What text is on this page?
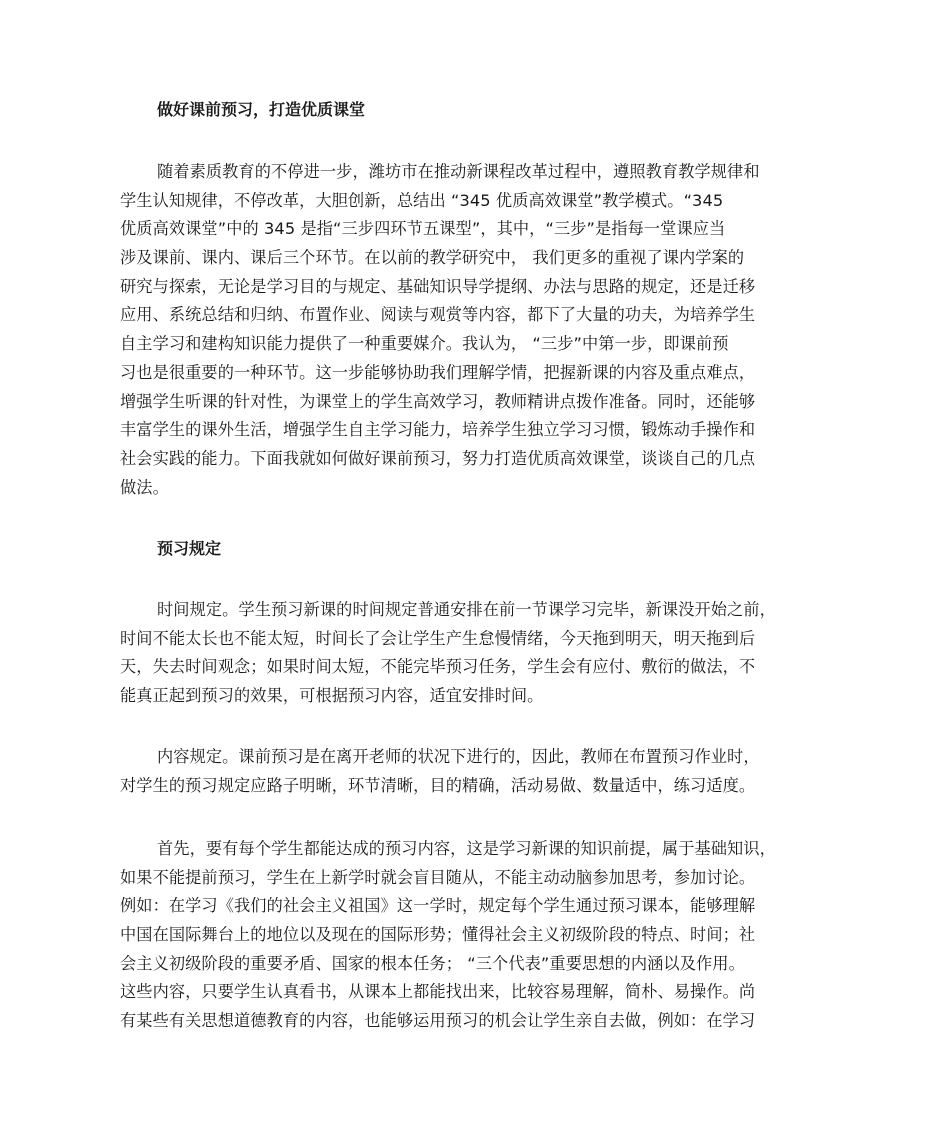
做好课前预习，打造优质课堂
随着素质教育的不停进一步，潍坊市在推动新课程改革过程中，遵照教育教学规律和
学生认知规律，不停改革，大胆创新，总结出 “345 优质高效课堂”教学模式。“345
优质高效课堂”中的 345 是指“三步四环节五课型”，其中，“三步”是指每一堂课应当
涉及课前、课内、课后三个环节。在以前的教学研究中， 我们更多的重视了课内学案的
研究与探索，无论是学习目的与规定、基础知识导学提纲、办法与思路的规定，还是迁移
应用、系统总结和归纳、布置作业、阅读与观赏等内容，都下了大量的功夫，为培养学生
自主学习和建构知识能力提供了一种重要媒介。我认为， “三步”中第一步，即课前预
习也是很重要的一种环节。这一步能够协助我们理解学情，把握新课的内容及重点难点，
增强学生听课的针对性，为课堂上的学生高效学习，教师精讲点拨作准备。同时，还能够
丰富学生的课外生活，增强学生自主学习能力，培养学生独立学习习惯，锻炼动手操作和
社会实践的能力。下面我就如何做好课前预习，努力打造优质高效课堂，谈谈自己的几点
做法。
预习规定
时间规定。学生预习新课的时间规定普通安排在前一节课学习完毕，新课没开始之前，
时间不能太长也不能太短，时间长了会让学生产生怠慢情绪，今天拖到明天，明天拖到后
天，失去时间观念；如果时间太短，不能完毕预习任务，学生会有应付、敷衍的做法，不
能真正起到预习的效果，可根据预习内容，适宜安排时间。
内容规定。课前预习是在离开老师的状况下进行的，因此，教师在布置预习作业时，
对学生的预习规定应路子明晰，环节清晰，目的精确，活动易做、数量适中，练习适度。
首先，要有每个学生都能达成的预习内容，这是学习新课的知识前提，属于基础知识，
如果不能提前预习，学生在上新学时就会盲目随从，不能主动动脑参加思考，参加讨论。
例如：在学习《我们的社会主义祖国》这一学时，规定每个学生通过预习课本，能够理解
中国在国际舞台上的地位以及现在的国际形势；懂得社会主义初级阶段的特点、时间；社
会主义初级阶段的重要矛盾、国家的根本任务； “三个代表”重要思想的内涵以及作用。
这些内容，只要学生认真看书，从课本上都能找出来，比较容易理解，简朴、易操作。尚
有某些有关思想道德教育的内容，也能够运用预习的机会让学生亲自去做，例如：在学习
